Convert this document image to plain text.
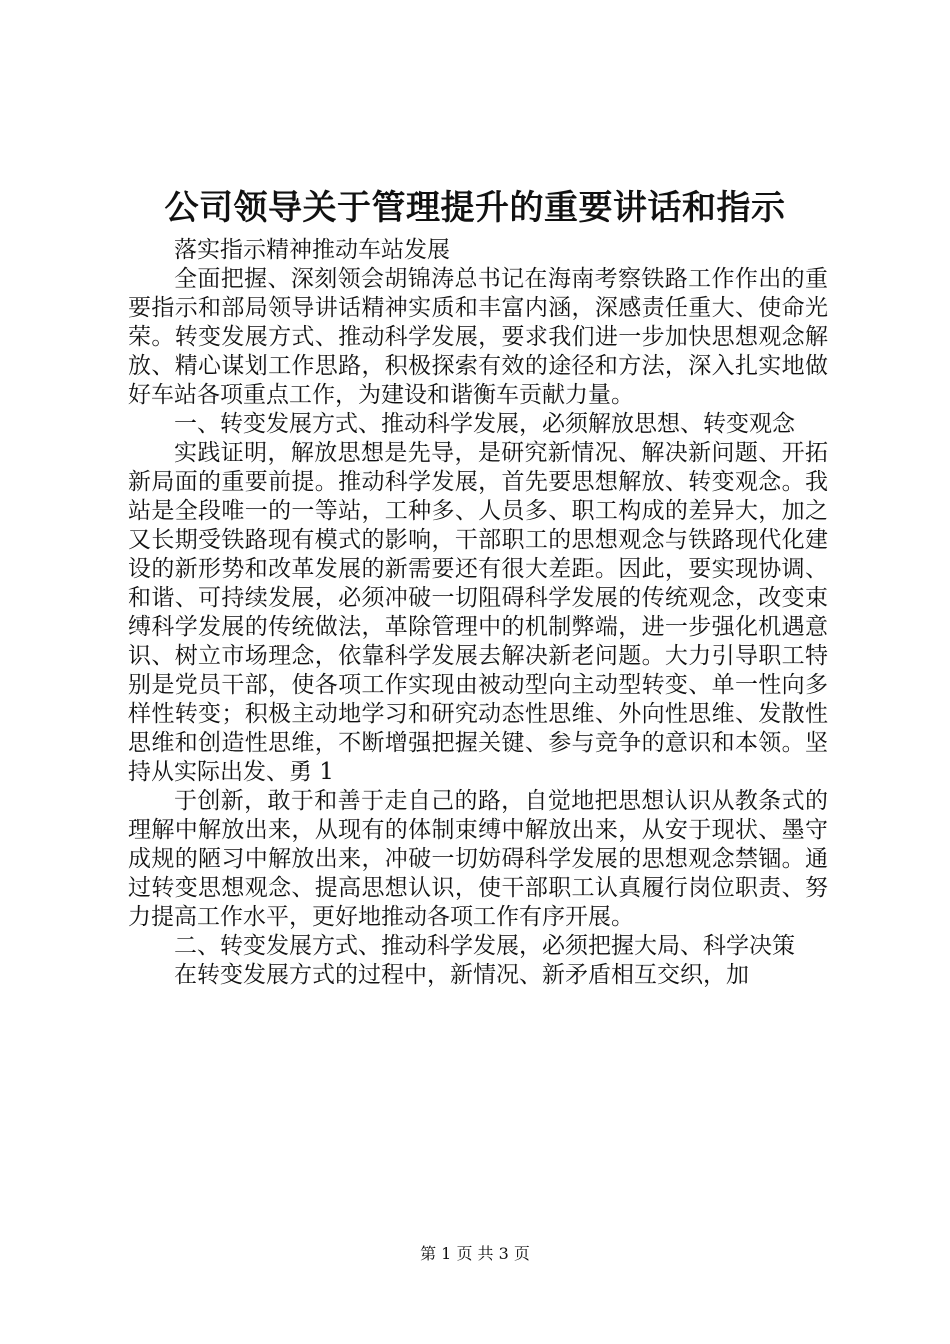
公司领导关于管理提升的重要讲话和指示

落实指示精神推动车站发展

全面把握、深刻领会胡锦涛总书记在海南考察铁路工作作出的重要指示和部局领导讲话精神实质和丰富内涵，深感责任重大、使命光荣。转变发展方式、推动科学发展，要求我们进一步加快思想观念解放、精心谋划工作思路，积极探索有效的途径和方法，深入扎实地做好车站各项重点工作，为建设和谐衡车贡献力量。

一、转变发展方式、推动科学发展，必须解放思想、转变观念

实践证明，解放思想是先导，是研究新情况、解决新问题、开拓新局面的重要前提。推动科学发展，首先要思想解放、转变观念。我站是全段唯一的一等站，工种多、人员多、职工构成的差异大，加之又长期受铁路现有模式的影响，干部职工的思想观念与铁路现代化建设的新形势和改革发展的新需要还有很大差距。因此，要实现协调、和谐、可持续发展，必须冲破一切阻碍科学发展的传统观念，改变束缚科学发展的传统做法，革除管理中的机制弊端，进一步强化机遇意识、树立市场理念，依靠科学发展去解决新老问题。大力引导职工特别是党员干部，使各项工作实现由被动型向主动型转变、单一性向多样性转变；积极主动地学习和研究动态性思维、外向性思维、发散性思维和创造性思维，不断增强把握关键、参与竞争的意识和本领。坚持从实际出发、勇 1

于创新，敢于和善于走自己的路，自觉地把思想认识从教条式的理解中解放出来，从现有的体制束缚中解放出来，从安于现状、墨守成规的陋习中解放出来，冲破一切妨碍科学发展的思想观念禁锢。通过转变思想观念、提高思想认识，使干部职工认真履行岗位职责、努力提高工作水平，更好地推动各项工作有序开展。

二、转变发展方式、推动科学发展，必须把握大局、科学决策

在转变发展方式的过程中，新情况、新矛盾相互交织，加

第 1 页 共 3 页
